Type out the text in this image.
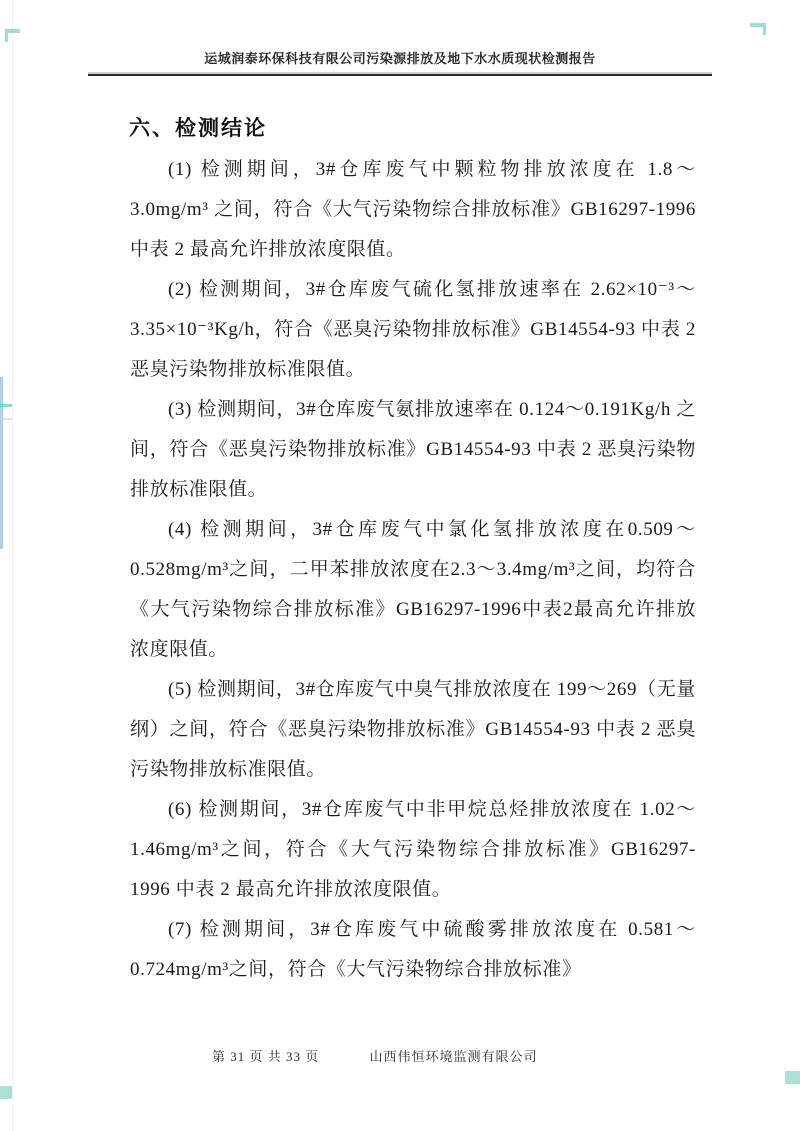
运城润泰环保科技有限公司污染源排放及地下水水质现状检测报告
六、检测结论

(1) 检测期间，3#仓库废气中颗粒物排放浓度在 1.8～3.0mg/m³ 之间，符合《大气污染物综合排放标准》GB16297-1996 中表 2 最高允许排放浓度限值。

(2) 检测期间，3#仓库废气硫化氢排放速率在 2.62×10⁻³～3.35×10⁻³Kg/h，符合《恶臭污染物排放标准》GB14554-93 中表 2 恶臭污染物排放标准限值。

(3) 检测期间，3#仓库废气氨排放速率在 0.124～0.191Kg/h 之间，符合《恶臭污染物排放标准》GB14554-93 中表 2 恶臭污染物排放标准限值。

(4) 检测期间，3#仓库废气中氯化氢排放浓度在0.509～0.528mg/m³之间，二甲苯排放浓度在2.3～3.4mg/m³之间，均符合《大气污染物综合排放标准》GB16297-1996中表2最高允许排放浓度限值。

(5) 检测期间，3#仓库废气中臭气排放浓度在 199～269（无量纲）之间，符合《恶臭污染物排放标准》GB14554-93 中表 2 恶臭污染物排放标准限值。

(6) 检测期间，3#仓库废气中非甲烷总烃排放浓度在 1.02～1.46mg/m³之间，符合《大气污染物综合排放标准》GB16297-1996 中表 2 最高允许排放浓度限值。

(7) 检测期间，3#仓库废气中硫酸雾排放浓度在 0.581～0.724mg/m³之间，符合《大气污染物综合排放标准》

第 31 页 共 33 页	山西伟恒环境监测有限公司
